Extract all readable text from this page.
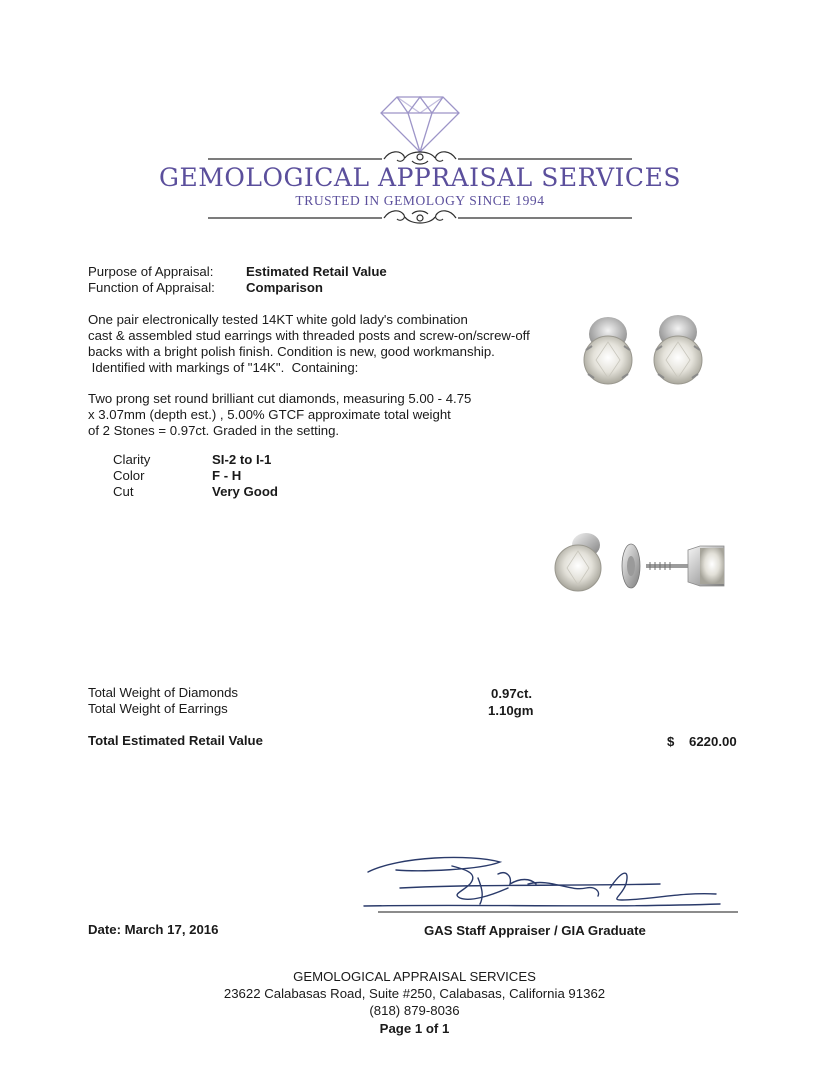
GEMOLOGICAL APPRAISAL SERVICES
TRUSTED IN GEMOLOGY SINCE 1994
Purpose of Appraisal: Estimated Retail Value
Function of Appraisal: Comparison
One pair electronically tested 14KT white gold lady's combination
cast & assembled stud earrings with threaded posts and screw-on/screw-off
backs with a bright polish finish. Condition is new, good workmanship.
Identified with markings of "14K".  Containing:
Two prong set round brilliant cut diamonds, measuring 5.00 - 4.75
x 3.07mm (depth est.) , 5.00% GTCF approximate total weight
of 2 Stones = 0.97ct. Graded in the setting.
Clarity	SI-2 to I-1
Color	F - H
Cut	Very Good
Total Weight of Diamonds	0.97ct.
Total Weight of Earrings	1.10gm
Total Estimated Retail Value	$ 6220.00
Date: March 17, 2016	GAS Staff Appraiser / GIA Graduate
GEMOLOGICAL APPRAISAL SERVICES
23622 Calabasas Road, Suite #250, Calabasas, California 91362
(818) 879-8036
Page 1 of 1
